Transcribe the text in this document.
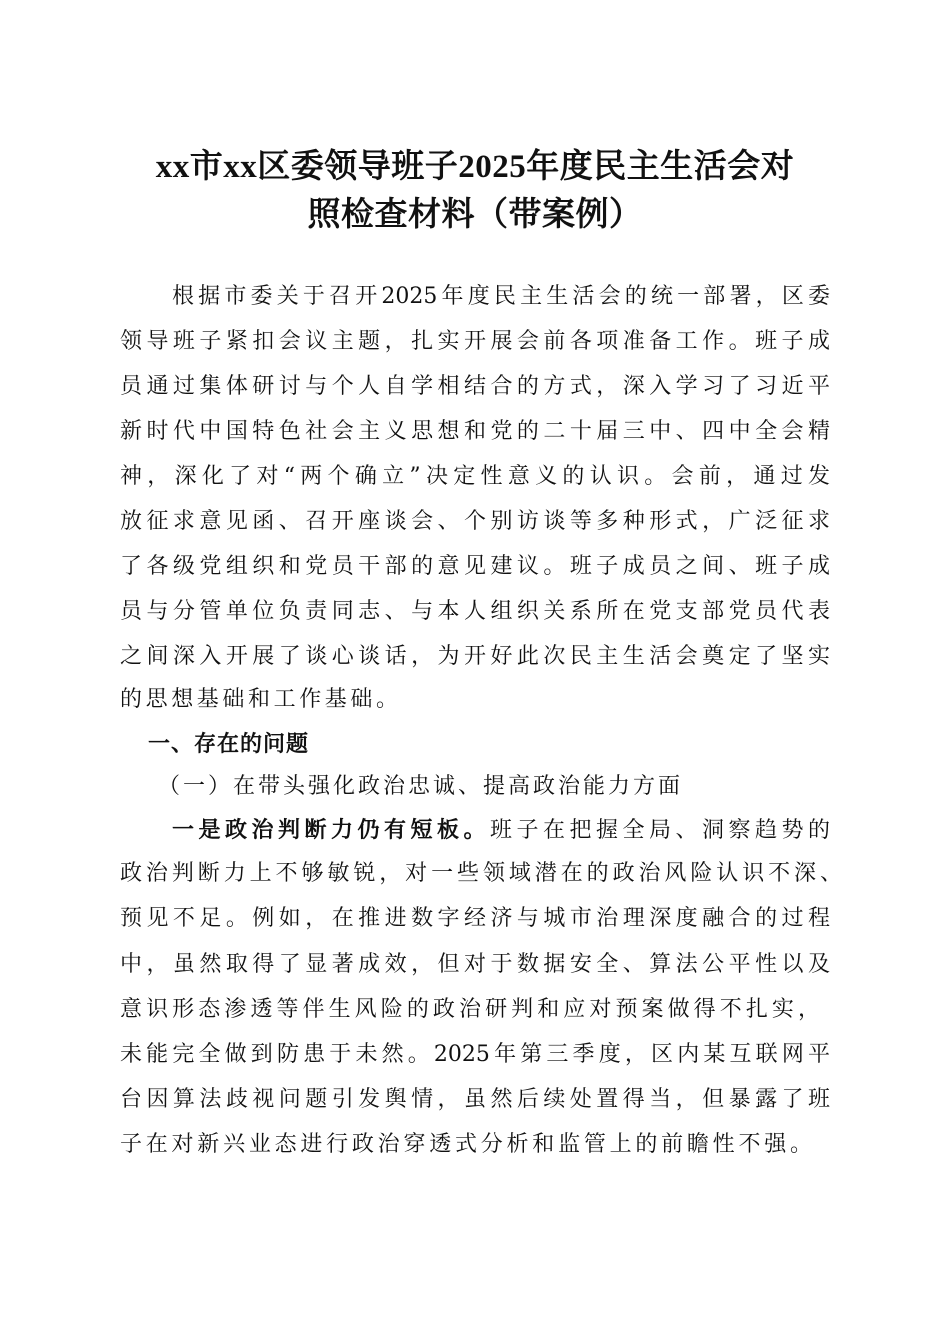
xx市xx区委领导班子2025年度民主生活会对
照检查材料（带案例）
根据市委关于召开2025年度民主生活会的统一部署，区委
领导班子紧扣会议主题，扎实开展会前各项准备工作。班子成
员通过集体研讨与个人自学相结合的方式，深入学习了习近平
新时代中国特色社会主义思想和党的二十届三中、四中全会精
神，深化了对“两个确立”决定性意义的认识。会前，通过发
放征求意见函、召开座谈会、个别访谈等多种形式，广泛征求
了各级党组织和党员干部的意见建议。班子成员之间、班子成
员与分管单位负责同志、与本人组织关系所在党支部党员代表
之间深入开展了谈心谈话，为开好此次民主生活会奠定了坚实
的思想基础和工作基础。
一、存在的问题
（一）在带头强化政治忠诚、提高政治能力方面
一是政治判断力仍有短板。班子在把握全局、洞察趋势的
政治判断力上不够敏锐，对一些领域潜在的政治风险认识不深、
预见不足。例如，在推进数字经济与城市治理深度融合的过程
中，虽然取得了显著成效，但对于数据安全、算法公平性以及
意识形态渗透等伴生风险的政治研判和应对预案做得不扎实，
未能完全做到防患于未然。2025年第三季度，区内某互联网平
台因算法歧视问题引发舆情，虽然后续处置得当，但暴露了班
子在对新兴业态进行政治穿透式分析和监管上的前瞻性不强。
